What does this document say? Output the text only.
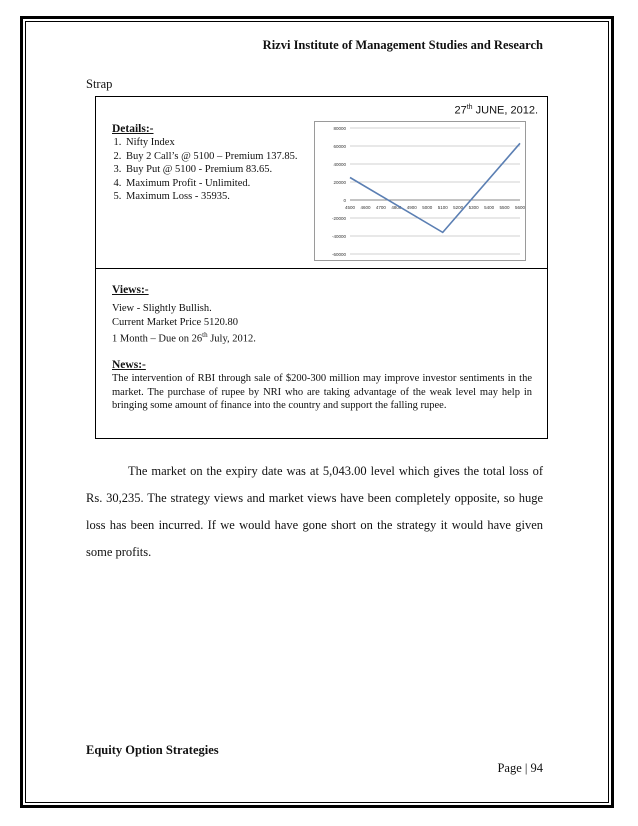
Rizvi Institute of Management Studies and Research
Strap
27th JUNE, 2012.
Details:-
1. Nifty Index
2. Buy 2 Call’s @ 5100 – Premium 137.85.
3. Buy Put @ 5100 - Premium 83.65.
4. Maximum Profit - Unlimited.
5. Maximum Loss - 35935.
80000
60000
40000
20000
0
-20000
-40000
-60000
4500 4600 4700 4800 4900 5000 5100 5200 5300 5400 5500 5600
Views:-
View - Slightly Bullish.
Current Market Price 5120.80
1 Month – Due on 26th July, 2012.
News:-
The intervention of RBI through sale of $200-300 million may improve investor sentiments in the market. The purchase of rupee by NRI who are taking advantage of the weak level may help in bringing some amount of finance into the country and support the falling rupee.

The market on the expiry date was at 5,043.00 level which gives the total loss of Rs. 30,235. The strategy views and market views have been completely opposite, so huge loss has been incurred. If we would have gone short on the strategy it would have given some profits.

Equity Option Strategies
Page | 94
